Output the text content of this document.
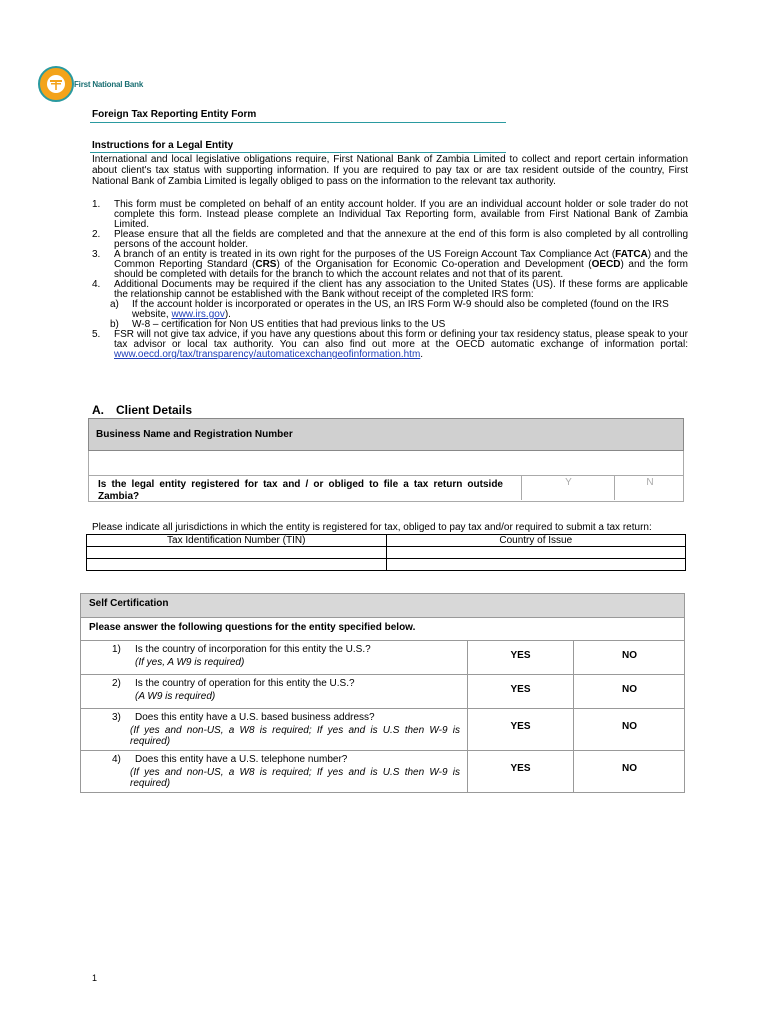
First National Bank
Foreign Tax Reporting Entity Form
Instructions for a Legal Entity
International and local legislative obligations require, First National Bank of Zambia Limited to collect and report certain information about client's tax status with supporting information. If you are required to pay tax or are tax resident outside of the country, First National Bank of Zambia Limited is legally obliged to pass on the information to the relevant tax authority.
1. This form must be completed on behalf of an entity account holder. If you are an individual account holder or sole trader do not complete this form. Instead please complete an Individual Tax Reporting form, available from First National Bank of Zambia Limited.
2. Please ensure that all the fields are completed and that the annexure at the end of this form is also completed by all controlling persons of the account holder.
3. A branch of an entity is treated in its own right for the purposes of the US Foreign Account Tax Compliance Act (FATCA) and the Common Reporting Standard (CRS) of the Organisation for Economic Co-operation and Development (OECD) and the form should be completed with details for the branch to which the account relates and not that of its parent.
4. Additional Documents may be required if the client has any association to the United States (US). If these forms are applicable the relationship cannot be established with the Bank without receipt of the completed IRS form:
a) If the account holder is incorporated or operates in the US, an IRS Form W-9 should also be completed (found on the IRS website, www.irs.gov).
b) W-8 – certification for Non US entities that had previous links to the US
5. FSR will not give tax advice, if you have any questions about this form or defining your tax residency status, please speak to your tax advisor or local tax authority. You can also find out more at the OECD automatic exchange of information portal: www.oecd.org/tax/transparency/automaticexchangeofinformation.htm.
A. Client Details
Business Name and Registration Number
Is the legal entity registered for tax and / or obliged to file a tax return outside Zambia?
Y	N
Please indicate all jurisdictions in which the entity is registered for tax, obliged to pay tax and/or required to submit a tax return:
Tax Identification Number (TIN)	Country of Issue

Self Certification
Please answer the following questions for the entity specified below.
1) Is the country of incorporation for this entity the U.S.?
(If yes, A W9 is required)
YES	NO
2) Is the country of operation for this entity the U.S.?
(A W9 is required)
YES	NO
3) Does this entity have a U.S. based business address?
(If yes and non-US, a W8 is required; If yes and is U.S then W-9 is required)
YES	NO
4) Does this entity have a U.S. telephone number?
(If yes and non-US, a W8 is required; If yes and is U.S then W-9 is required)
YES	NO
1
